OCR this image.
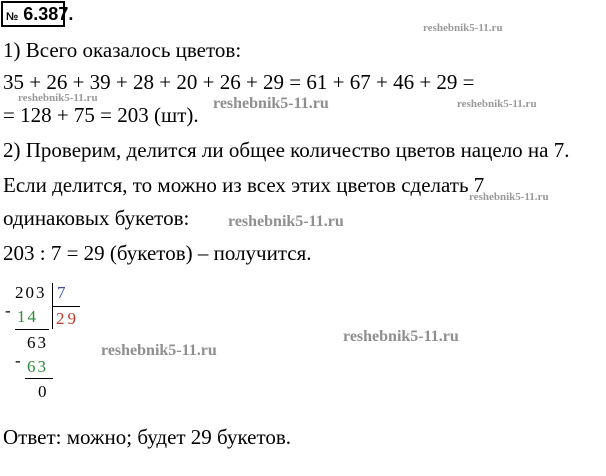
№ 6.387.
reshebnik5-11.ru
reshebnik5-11.ru	reshebnik5-11.ru	reshebnik5-11.ru
reshebnik5-11.ru
reshebnik5-11.ru
reshebnik5-11.ru
reshebnik5-11.ru
1) Всего оказалось цветов:
35 + 26 + 39 + 28 + 20 + 26 + 29 = 61 + 67 + 46 + 29 =
= 128 + 75 = 203 (шт).
2) Проверим, делится ли общее количество цветов нацело на 7.
Если делится, то можно из всех этих цветов сделать 7
одинаковых букетов:
203 : 7 = 29 (букетов) – получится.
-
203 7
14 29
-
63
63
0
Ответ: можно; будет 29 букетов.
